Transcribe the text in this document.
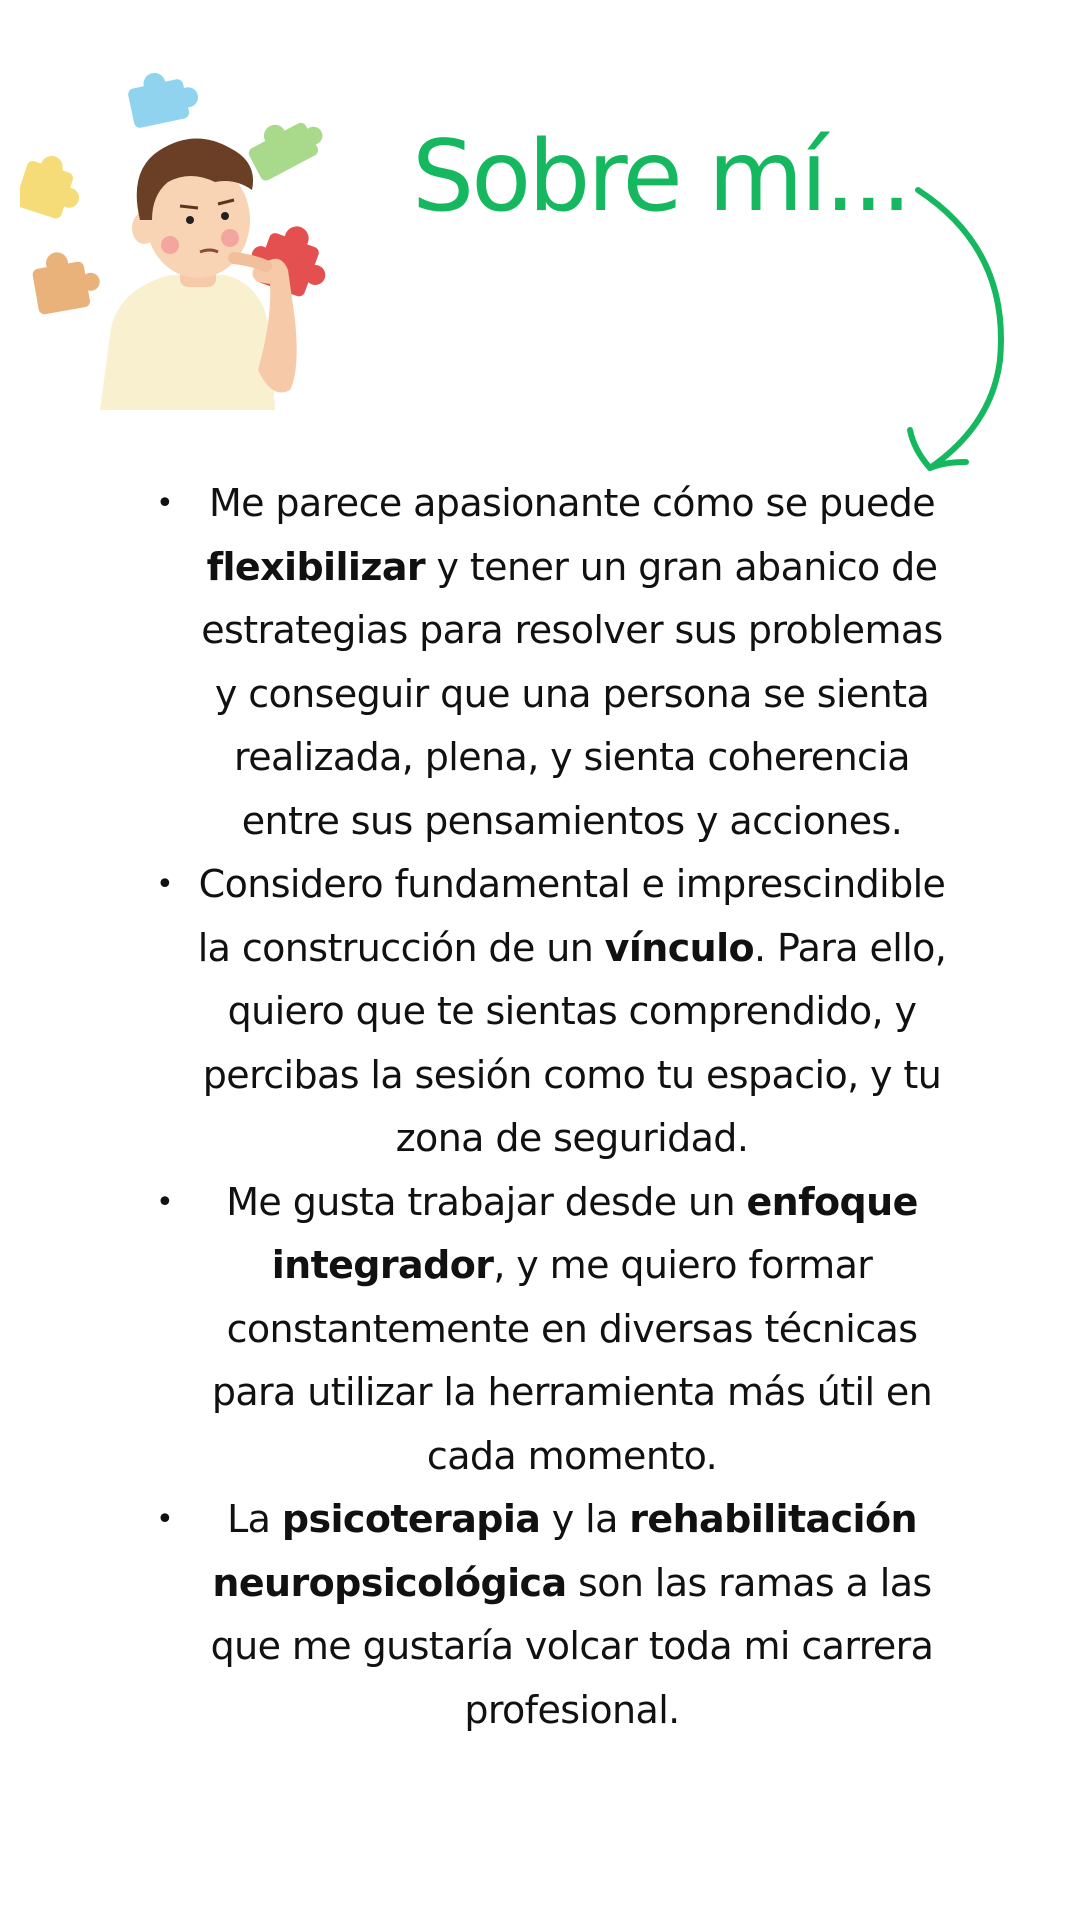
Sobre mí...
• Me parece apasionante cómo se puede flexibilizar y tener un gran abanico de estrategias para resolver sus problemas y conseguir que una persona se sienta realizada, plena, y sienta coherencia entre sus pensamientos y acciones.
• Considero fundamental e imprescindible la construcción de un vínculo. Para ello, quiero que te sientas comprendido, y percibas la sesión como tu espacio, y tu zona de seguridad.
• Me gusta trabajar desde un enfoque integrador, y me quiero formar constantemente en diversas técnicas para utilizar la herramienta más útil en cada momento.
• La psicoterapia y la rehabilitación neuropsicológica son las ramas a las que me gustaría volcar toda mi carrera profesional.
